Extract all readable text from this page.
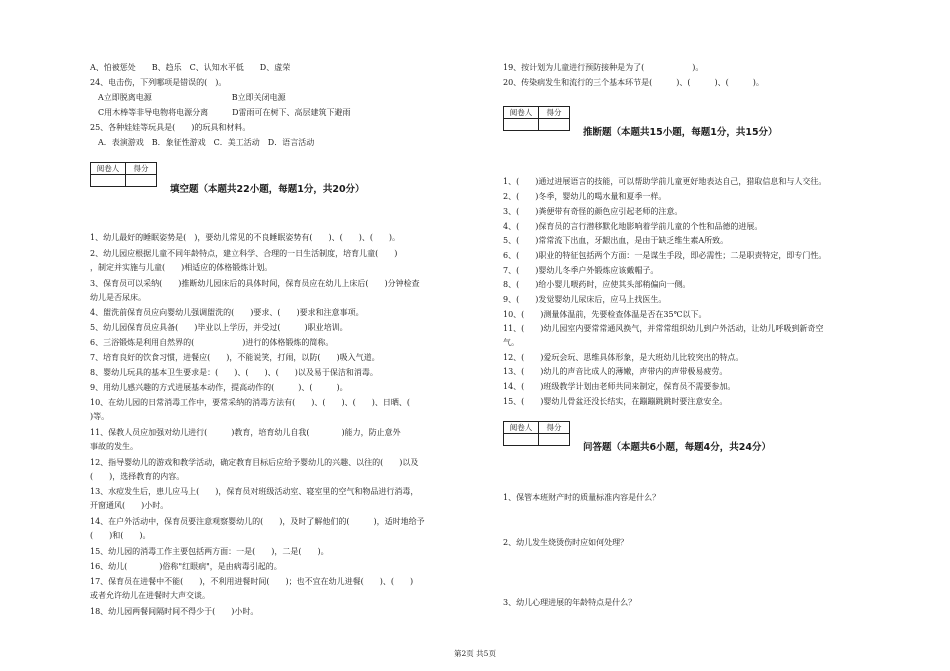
A、怕被惩处　　B、趋乐　C、认知水平低　　D、虚荣
24、电击伤，下列哪项是错误的(　)。
　A立即脱离电源　　　　　　　　　　B立即关闭电源
　C用木棒等非导电物将电源分离　　　D雷雨可在树下、高层建筑下避雨
25、各种娃娃等玩具是(　　)的玩具和材料。
　A．表演游戏　B．象征性游戏　C．美工活动　D．语言活动
阅卷人	得分

填空题（本题共22小题，每题1分，共20分）
1、幼儿最好的睡眠姿势是(　)，要幼儿常见的不良睡眠姿势有(　　)、(　　)、(　　)。
2、幼儿园应根据儿童不同年龄特点，建立科学、合理的一日生活制度，培育儿童(　　)
，制定并实施与儿童(　　)相适应的体格锻炼计划。
3、保育员可以采纳(　　)推断幼儿园床后的具体时间，保育员应在幼儿上床后(　　)分钟检查
幼儿是否尿床。
4、盥洗前保育员应向婴幼儿强调盥洗的(　　)要求、(　　)要求和注意事项。
5、幼儿园保育员应具备(　　)毕业以上学历，并受过(　　　)职业培训。
6、三浴锻炼是利用自然界的(　　　　　　)进行的体格锻炼的简称。
7、培育良好的饮食习惯，进餐应(　　)，不能说笑，打闹，以防(　　)吸入气道。
8、婴幼儿玩具的基本卫生要求是：(　　)、(　　)、(　　)以及易于保洁和消毒。
9、用幼儿感兴趣的方式进展基本动作，提高动作的(　　　)、(　　　)。
10、在幼儿园的日常消毒工作中，要常采纳的消毒方法有(　　)、(　　)、(　　)、日晒、(　　
)等。
11、保教人员应加强对幼儿进行(　　　)教育，培育幼儿自我(　　　　)能力，防止意外
事故的发生。
12、指导婴幼儿的游戏和教学活动，确定教育目标后应给予婴幼儿的兴趣、以往的(　　)以及
(　　)，选择教育的内容。
13、水痘发生后，患儿应马上(　　)，保育员对班级活动室、寝室里的空气和物品进行消毒，
开窗通风(　　)小时。
14、在户外活动中，保育员要注意观察婴幼儿的(　　)，及时了解他们的(　　　)，适时地给予
(　　)和(　　)。
15、幼儿园的消毒工作主要包括两方面：一是(　　)，二是(　　)。
16、幼儿(　　　　)俗称"红眼病"，是由病毒引起的。
17、保育员在进餐中不能(　　)，不利用进餐时间(　　)；也不宜在幼儿进餐(　　)、(　　)
或者允许幼儿在进餐时大声交谈。
18、幼儿园两餐间隔时间不得少于(　　)小时。
19、按计划为儿童进行预防接种是为了(　　　　　　)。
20、传染病发生和流行的三个基本环节是(　　　)、(　　　)、(　　　)。
阅卷人	得分

推断题（本题共15小题，每题1分，共15分）
1、(　　)通过进展语言的技能，可以帮助学前儿童更好地表达自己，猎取信息和与人交往。
2、(　　)冬季，婴幼儿的喝水量和夏季一样。
3、(　　)粪便带有奇怪的颜色应引起老师的注意。
4、(　　)保育员的言行潜移默化地影响着学前儿童的个性和品德的进展。
5、(　　)常常流下出血，牙龈出血，是由于缺乏维生素A所致。
6、(　　)职业的特征包括两个方面：一是谋生手段，即必需性；二是职责特定，即专门性。
7、(　　)婴幼儿冬季户外锻炼应该戴帽子。
8、(　　)给小婴儿喂药时，应使其头部稍偏向一侧。
9、(　　)发觉婴幼儿尿床后，应马上找医生。
10、(　　)测量体温前，先要检查体温是否在35℃以下。
11、(　　)幼儿园室内要常常通风换气，并常常组织幼儿到户外活动，让幼儿呼吸到新奇空
气。
12、(　　)爱玩会玩、思维具体形象，是大班幼儿比较突出的特点。
13、(　　)幼儿的声音比成人的薄嫩，声带内的声带极易疲劳。
14、(　　)班级教学计划由老师共同来制定，保育员不需要参加。
15、(　　)婴幼儿骨盆还没长结实，在蹦蹦跳跳时要注意安全。
阅卷人	得分

问答题（本题共6小题，每题4分，共24分）
1、保管本班财产时的质量标准内容是什么？
2、幼儿发生烧烫伤时应如何处理？
3、幼儿心理进展的年龄特点是什么？
第2页 共5页
